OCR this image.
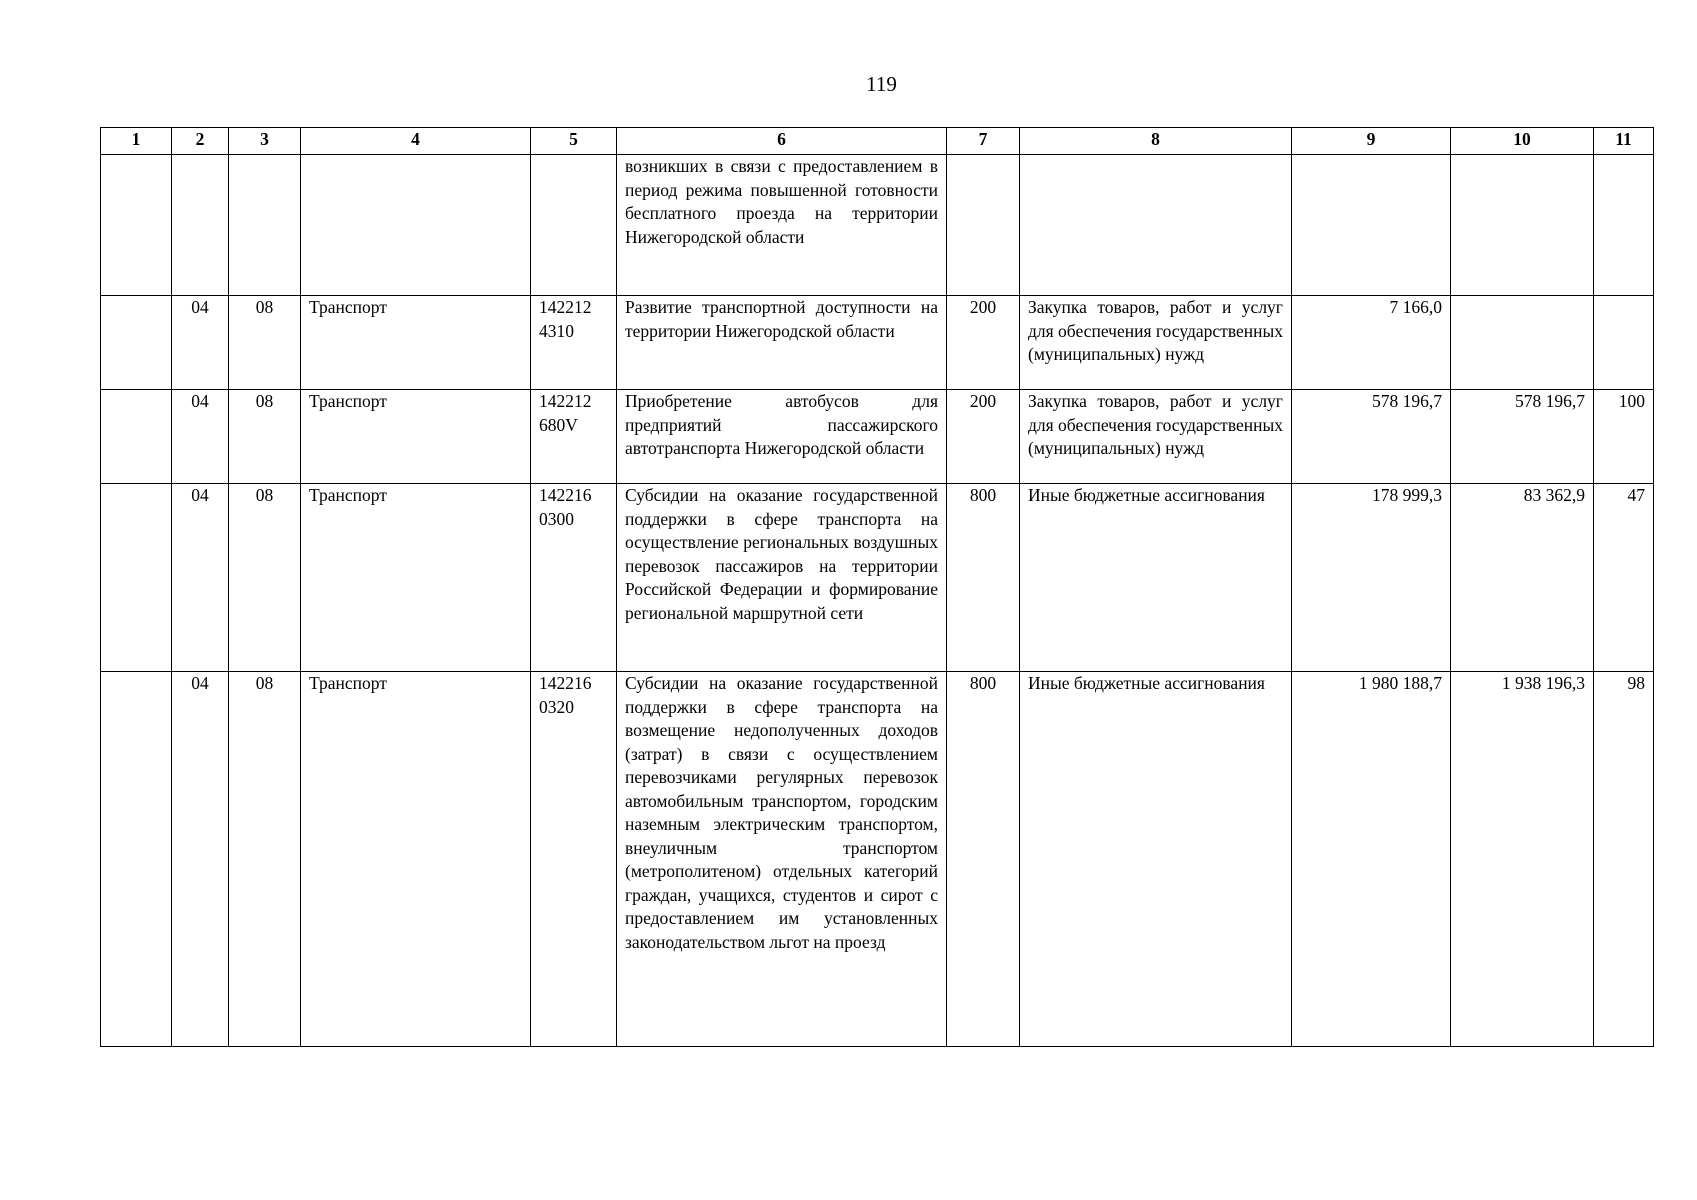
119
1	2	3	4	5	6	7	8	9	10	11
					возникших в связи с предоставлением в период режима повышенной готовности бесплатного проезда на территории Нижегородской области					
	04	08	Транспорт	142212 4310	Развитие транспортной доступности на территории Нижегородской области	200	Закупка товаров, работ и услуг для обеспечения государственных (муниципальных) нужд	7 166,0		
	04	08	Транспорт	142212 680V	Приобретение автобусов для предприятий пассажирского автотранспорта Нижегородской области	200	Закупка товаров, работ и услуг для обеспечения государственных (муниципальных) нужд	578 196,7	578 196,7	100
	04	08	Транспорт	142216 0300	Субсидии на оказание государственной поддержки в сфере транспорта на осуществление региональных воздушных перевозок пассажиров на территории Российской Федерации и формирование региональной маршрутной сети	800	Иные бюджетные ассигнования	178 999,3	83 362,9	47
	04	08	Транспорт	142216 0320	Субсидии на оказание государственной поддержки в сфере транспорта на возмещение недополученных доходов (затрат) в связи с осуществлением перевозчиками регулярных перевозок автомобильным транспортом, городским наземным электрическим транспортом, внеуличным транспортом (метрополитеном) отдельных категорий граждан, учащихся, студентов и сирот с предоставлением им установленных законодательством льгот на проезд	800	Иные бюджетные ассигнования	1 980 188,7	1 938 196,3	98
